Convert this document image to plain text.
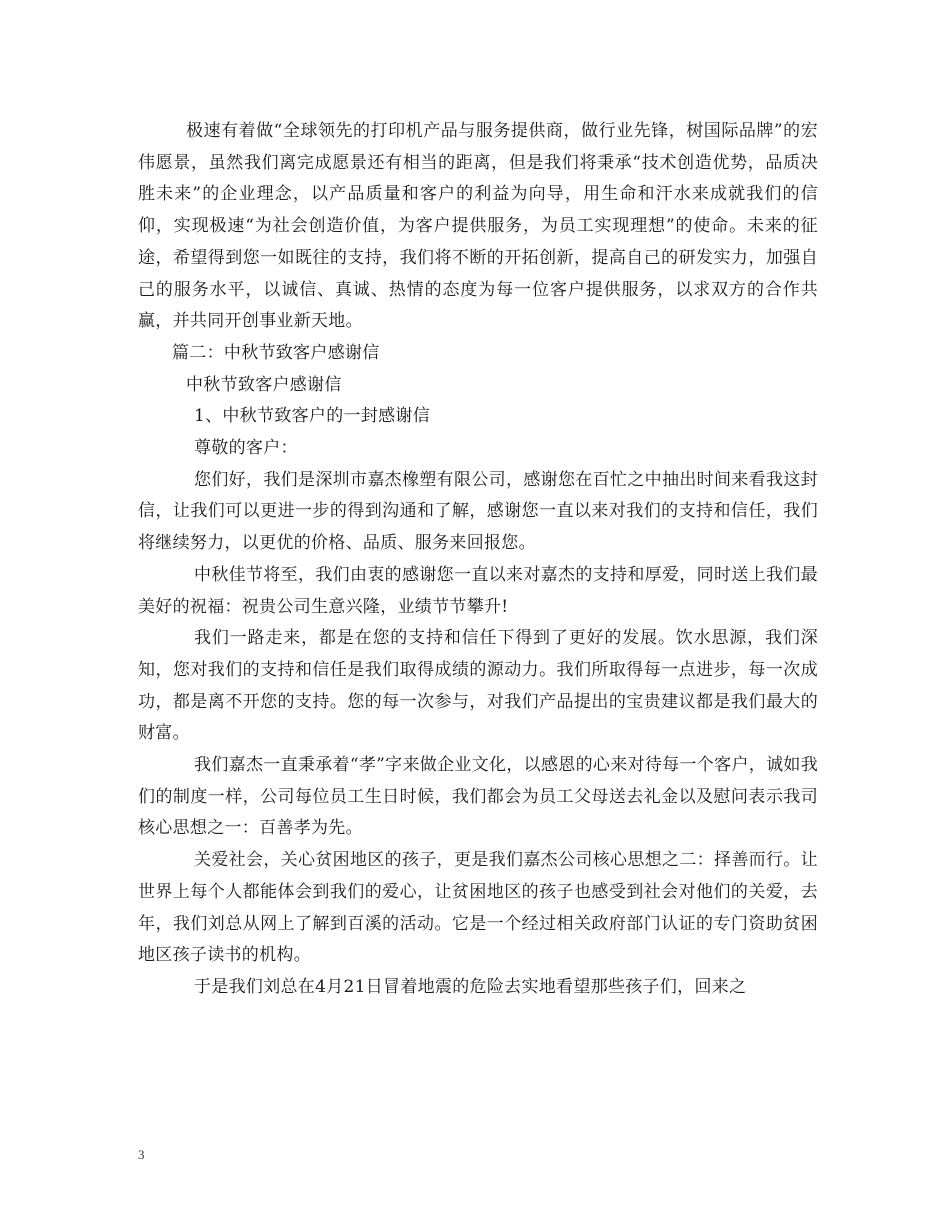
极速有着做“全球领先的打印机产品与服务提供商，做行业先锋，树国际品牌”的宏伟愿景，虽然我们离完成愿景还有相当的距离，但是我们将秉承“技术创造优势，品质决胜未来”的企业理念，以产品质量和客户的利益为向导，用生命和汗水来成就我们的信仰，实现极速“为社会创造价值，为客户提供服务，为员工实现理想”的使命。未来的征途，希望得到您一如既往的支持，我们将不断的开拓创新，提高自己的研发实力，加强自己的服务水平，以诚信、真诚、热情的态度为每一位客户提供服务，以求双方的合作共赢，并共同开创事业新天地。

篇二：中秋节致客户感谢信

中秋节致客户感谢信

1、中秋节致客户的一封感谢信

尊敬的客户：

您们好，我们是深圳市嘉杰橡塑有限公司，感谢您在百忙之中抽出时间来看我这封信，让我们可以更进一步的得到沟通和了解，感谢您一直以来对我们的支持和信任，我们将继续努力，以更优的价格、品质、服务来回报您。

中秋佳节将至，我们由衷的感谢您一直以来对嘉杰的支持和厚爱，同时送上我们最美好的祝福：祝贵公司生意兴隆，业绩节节攀升!

我们一路走来，都是在您的支持和信任下得到了更好的发展。饮水思源，我们深知，您对我们的支持和信任是我们取得成绩的源动力。我们所取得每一点进步，每一次成功，都是离不开您的支持。您的每一次参与，对我们产品提出的宝贵建议都是我们最大的财富。

我们嘉杰一直秉承着“孝”字来做企业文化，以感恩的心来对待每一个客户，诚如我们的制度一样，公司每位员工生日时候，我们都会为员工父母送去礼金以及慰问表示我司核心思想之一：百善孝为先。

关爱社会，关心贫困地区的孩子，更是我们嘉杰公司核心思想之二：择善而行。让世界上每个人都能体会到我们的爱心，让贫困地区的孩子也感受到社会对他们的关爱，去年，我们刘总从网上了解到百溪的活动。它是一个经过相关政府部门认证的专门资助贫困地区孩子读书的机构。

于是我们刘总在4月21日冒着地震的危险去实地看望那些孩子们，回来之

3
